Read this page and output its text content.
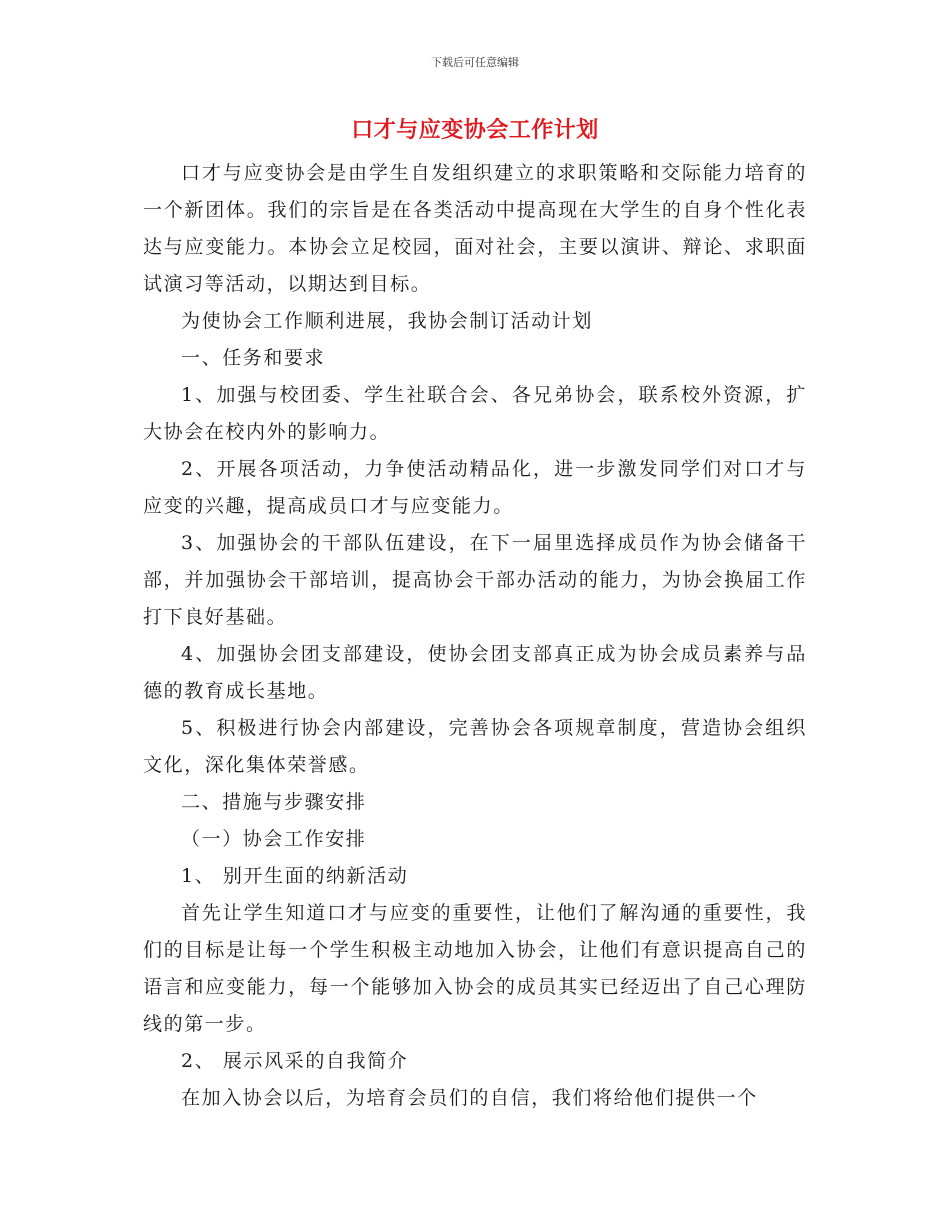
下载后可任意编辑
口才与应变协会工作计划

口才与应变协会是由学生自发组织建立的求职策略和交际能力培育的一个新团体。我们的宗旨是在各类活动中提高现在大学生的自身个性化表达与应变能力。本协会立足校园，面对社会，主要以演讲、辩论、求职面试演习等活动，以期达到目标。

为使协会工作顺利进展，我协会制订活动计划

一、任务和要求

1、加强与校团委、学生社联合会、各兄弟协会，联系校外资源，扩大协会在校内外的影响力。

2、开展各项活动，力争使活动精品化，进一步激发同学们对口才与应变的兴趣，提高成员口才与应变能力。

3、加强协会的干部队伍建设，在下一届里选择成员作为协会储备干部，并加强协会干部培训，提高协会干部办活动的能力，为协会换届工作打下良好基础。

4、加强协会团支部建设，使协会团支部真正成为协会成员素养与品德的教育成长基地。

5、积极进行协会内部建设，完善协会各项规章制度，营造协会组织文化，深化集体荣誉感。

二、措施与步骤安排

（一）协会工作安排

1、 别开生面的纳新活动

首先让学生知道口才与应变的重要性，让他们了解沟通的重要性，我们的目标是让每一个学生积极主动地加入协会，让他们有意识提高自己的语言和应变能力，每一个能够加入协会的成员其实已经迈出了自己心理防线的第一步。

2、 展示风采的自我简介

在加入协会以后，为培育会员们的自信，我们将给他们提供一个
